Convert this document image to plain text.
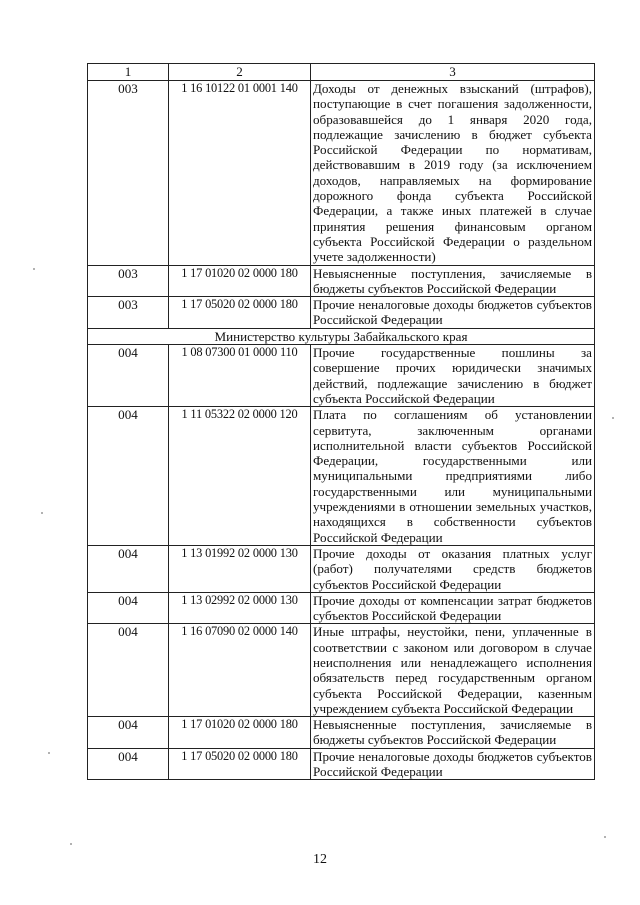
1	2	3
003	1 16 10122 01 0001 140	Доходы от денежных взысканий (штрафов), поступающие в счет погашения задолженности, образовавшейся до 1 января 2020 года, подлежащие зачислению в бюджет субъекта Российской Федерации по нормативам, действовавшим в 2019 году (за исключением доходов, направляемых на формирование дорожного фонда субъекта Российской Федерации, а также иных платежей в случае принятия решения финансовым органом субъекта Российской Федерации о раздельном учете задолженности)
003	1 17 01020 02 0000 180	Невыясненные поступления, зачисляемые в бюджеты субъектов Российской Федерации
003	1 17 05020 02 0000 180	Прочие неналоговые доходы бюджетов субъектов Российской Федерации
Министерство культуры Забайкальского края		
004	1 08 07300 01 0000 110	Прочие государственные пошлины за совершение прочих юридически значимых действий, подлежащие зачислению в бюджет субъекта Российской Федерации
004	1 11 05322 02 0000 120	Плата по соглашениям об установлении сервитута, заключенным органами исполнительной власти субъектов Российской Федерации, государственными или муниципальными предприятиями либо государственными или муниципальными учреждениями в отношении земельных участков, находящихся в собственности субъектов Российской Федерации
004	1 13 01992 02 0000 130	Прочие доходы от оказания платных услуг (работ) получателями средств бюджетов субъектов Российской Федерации
004	1 13 02992 02 0000 130	Прочие доходы от компенсации затрат бюджетов субъектов Российской Федерации
004	1 16 07090 02 0000 140	Иные штрафы, неустойки, пени, уплаченные в соответствии с законом или договором в случае неисполнения или ненадлежащего исполнения обязательств перед государственным органом субъекта Российской Федерации, казенным учреждением субъекта Российской Федерации
004	1 17 01020 02 0000 180	Невыясненные поступления, зачисляемые в бюджеты субъектов Российской Федерации
004	1 17 05020 02 0000 180	Прочие неналоговые доходы бюджетов субъектов Российской Федерации
12
